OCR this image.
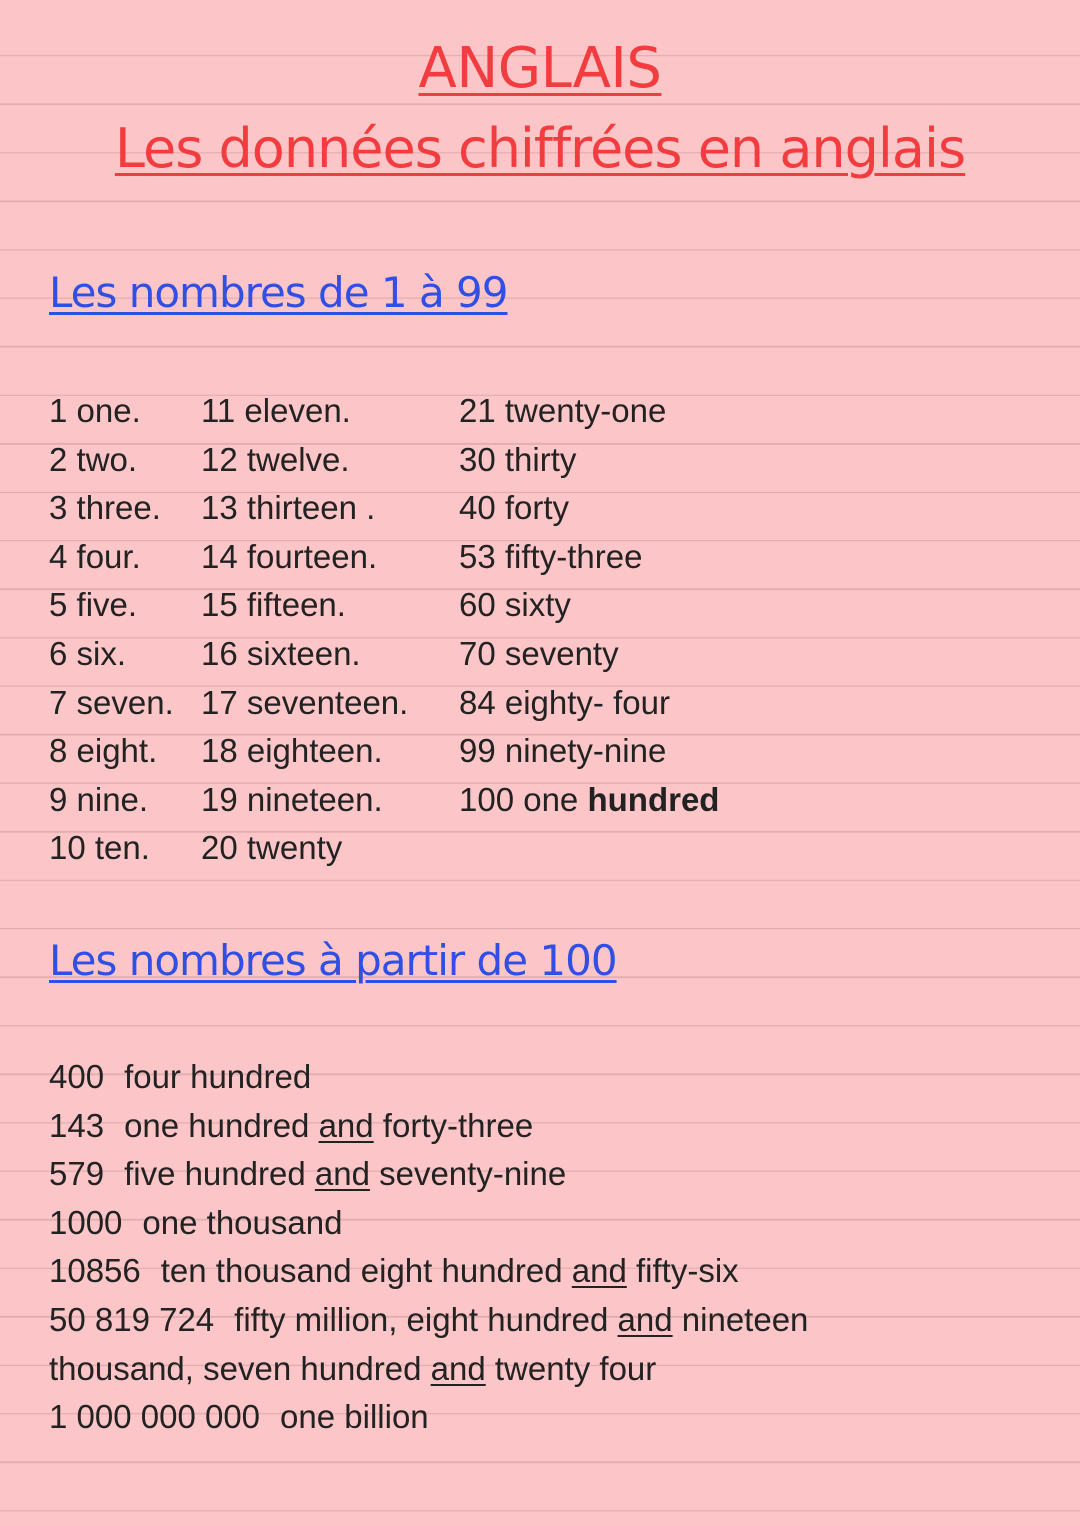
ANGLAIS
Les données chiffrées en anglais
Les nombres de 1 à 99
1 one.
2 two.
3 three.
4 four.
5 five.
6 six.
7 seven.
8 eight.
9 nine.
10 ten.
11 eleven.
12 twelve.
13 thirteen .
14 fourteen.
15 fifteen.
16 sixteen.
17 seventeen.
18 eighteen.
19 nineteen.
20 twenty
21 twenty-one
30 thirty
40 forty
53 fifty-three
60 sixty
70 seventy
84 eighty- four
99 ninety-nine
100 one hundred
Les nombres à partir de 100
400 four hundred
143 one hundred and forty-three
579 five hundred and seventy-nine
1000 one thousand
10856 ten thousand eight hundred and fifty-six
50 819 724 fifty million, eight hundred and nineteen
thousand, seven hundred and twenty four
1 000 000 000 one billion
